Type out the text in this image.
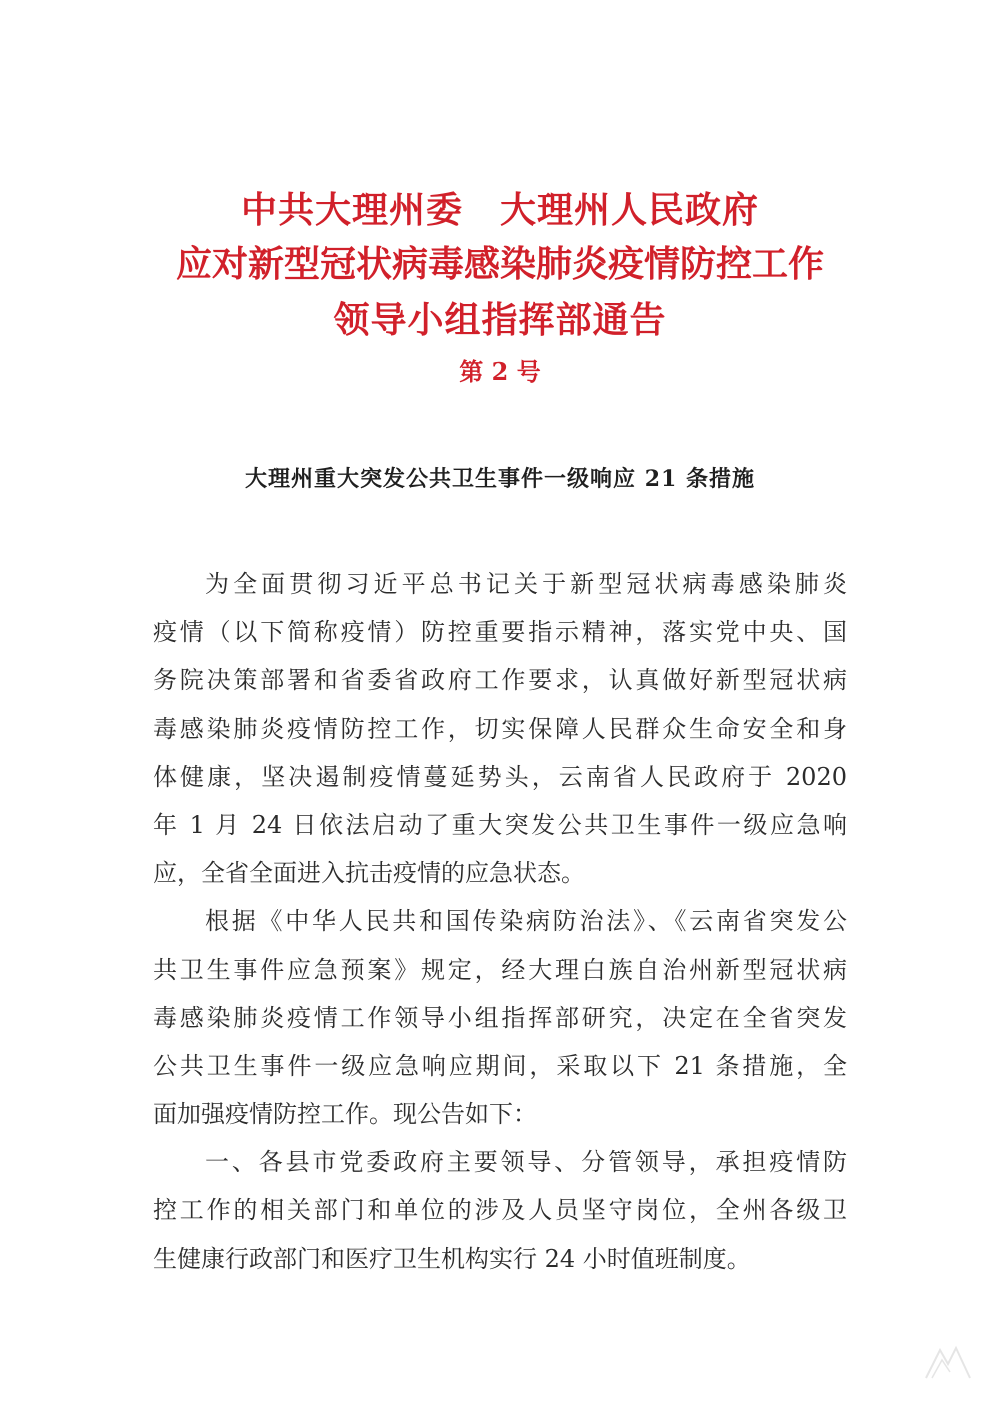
中共大理州委　大理州人民政府
应对新型冠状病毒感染肺炎疫情防控工作
领导小组指挥部通告
第 2 号
大理州重大突发公共卫生事件一级响应 21 条措施
为全面贯彻习近平总书记关于新型冠状病毒感染肺炎
疫情（以下简称疫情）防控重要指示精神，落实党中央、国
务院决策部署和省委省政府工作要求，认真做好新型冠状病
毒感染肺炎疫情防控工作，切实保障人民群众生命安全和身
体健康，坚决遏制疫情蔓延势头，云南省人民政府于 2020
年 1 月 24 日依法启动了重大突发公共卫生事件一级应急响
应，全省全面进入抗击疫情的应急状态。
根据《中华人民共和国传染病防治法》、《云南省突发公
共卫生事件应急预案》规定，经大理白族自治州新型冠状病
毒感染肺炎疫情工作领导小组指挥部研究，决定在全省突发
公共卫生事件一级应急响应期间，采取以下 21 条措施，全
面加强疫情防控工作。现公告如下：
一、各县市党委政府主要领导、分管领导，承担疫情防
控工作的相关部门和单位的涉及人员坚守岗位，全州各级卫
生健康行政部门和医疗卫生机构实行 24 小时值班制度。
